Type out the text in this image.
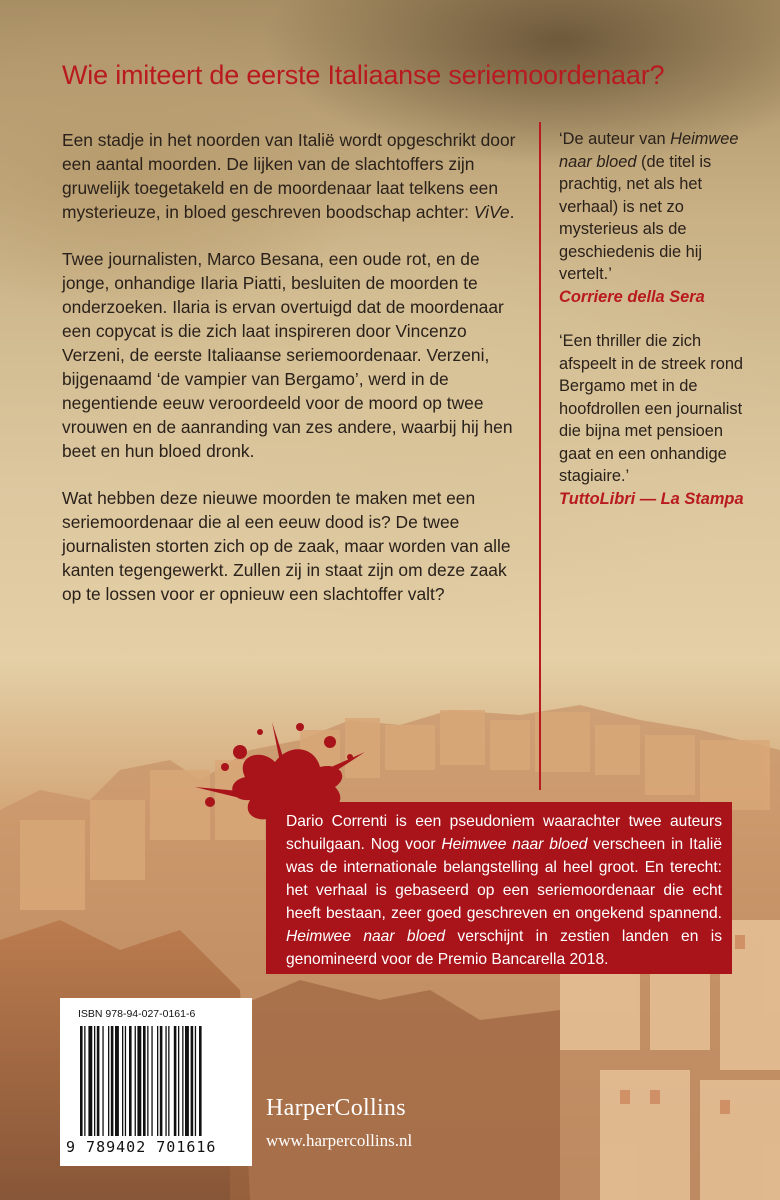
Wie imiteert de eerste Italiaanse seriemoordenaar?

Een stadje in het noorden van Italië wordt opgeschrikt door een aantal moorden. De lijken van de slachtoffers zijn gruwelijk toegetakeld en de moordenaar laat telkens een mysterieuze, in bloed geschreven boodschap achter: ViVe.

Twee journalisten, Marco Besana, een oude rot, en de jonge, onhandige Ilaria Piatti, besluiten de moorden te onderzoeken. Ilaria is ervan overtuigd dat de moordenaar een copycat is die zich laat inspireren door Vincenzo Verzeni, de eerste Italiaanse seriemoordenaar. Verzeni, bijgenaamd ‘de vampier van Bergamo’, werd in de negentiende eeuw veroordeeld voor de moord op twee vrouwen en de aanranding van zes andere, waarbij hij hen beet en hun bloed dronk.

Wat hebben deze nieuwe moorden te maken met een seriemoordenaar die al een eeuw dood is? De twee journalisten storten zich op de zaak, maar worden van alle kanten tegengewerkt. Zullen zij in staat zijn om deze zaak op te lossen voor er opnieuw een slachtoffer valt?

‘De auteur van Heimwee naar bloed (de titel is prachtig, net als het verhaal) is net zo mysterieus als de geschiedenis die hij vertelt.’
Corriere della Sera
‘Een thriller die zich afspeelt in de streek rond Bergamo met in de hoofdrollen een journalist die bijna met pensioen gaat en een onhandige stagiaire.’
TuttoLibri — La Stampa
Dario Correnti is een pseudoniem waarachter twee auteurs schuilgaan. Nog voor Heimwee naar bloed verscheen in Italië was de internationale belangstelling al heel groot. En terecht: het verhaal is gebaseerd op een seriemoordenaar die echt heeft bestaan, zeer goed geschreven en ongekend spannend. Heimwee naar bloed verschijnt in zestien landen en is genomineerd voor de Premio Bancarella 2018.
ISBN 978-94-027-0161-6
9 789402 701616
HarperCollins
www.harpercollins.nl
